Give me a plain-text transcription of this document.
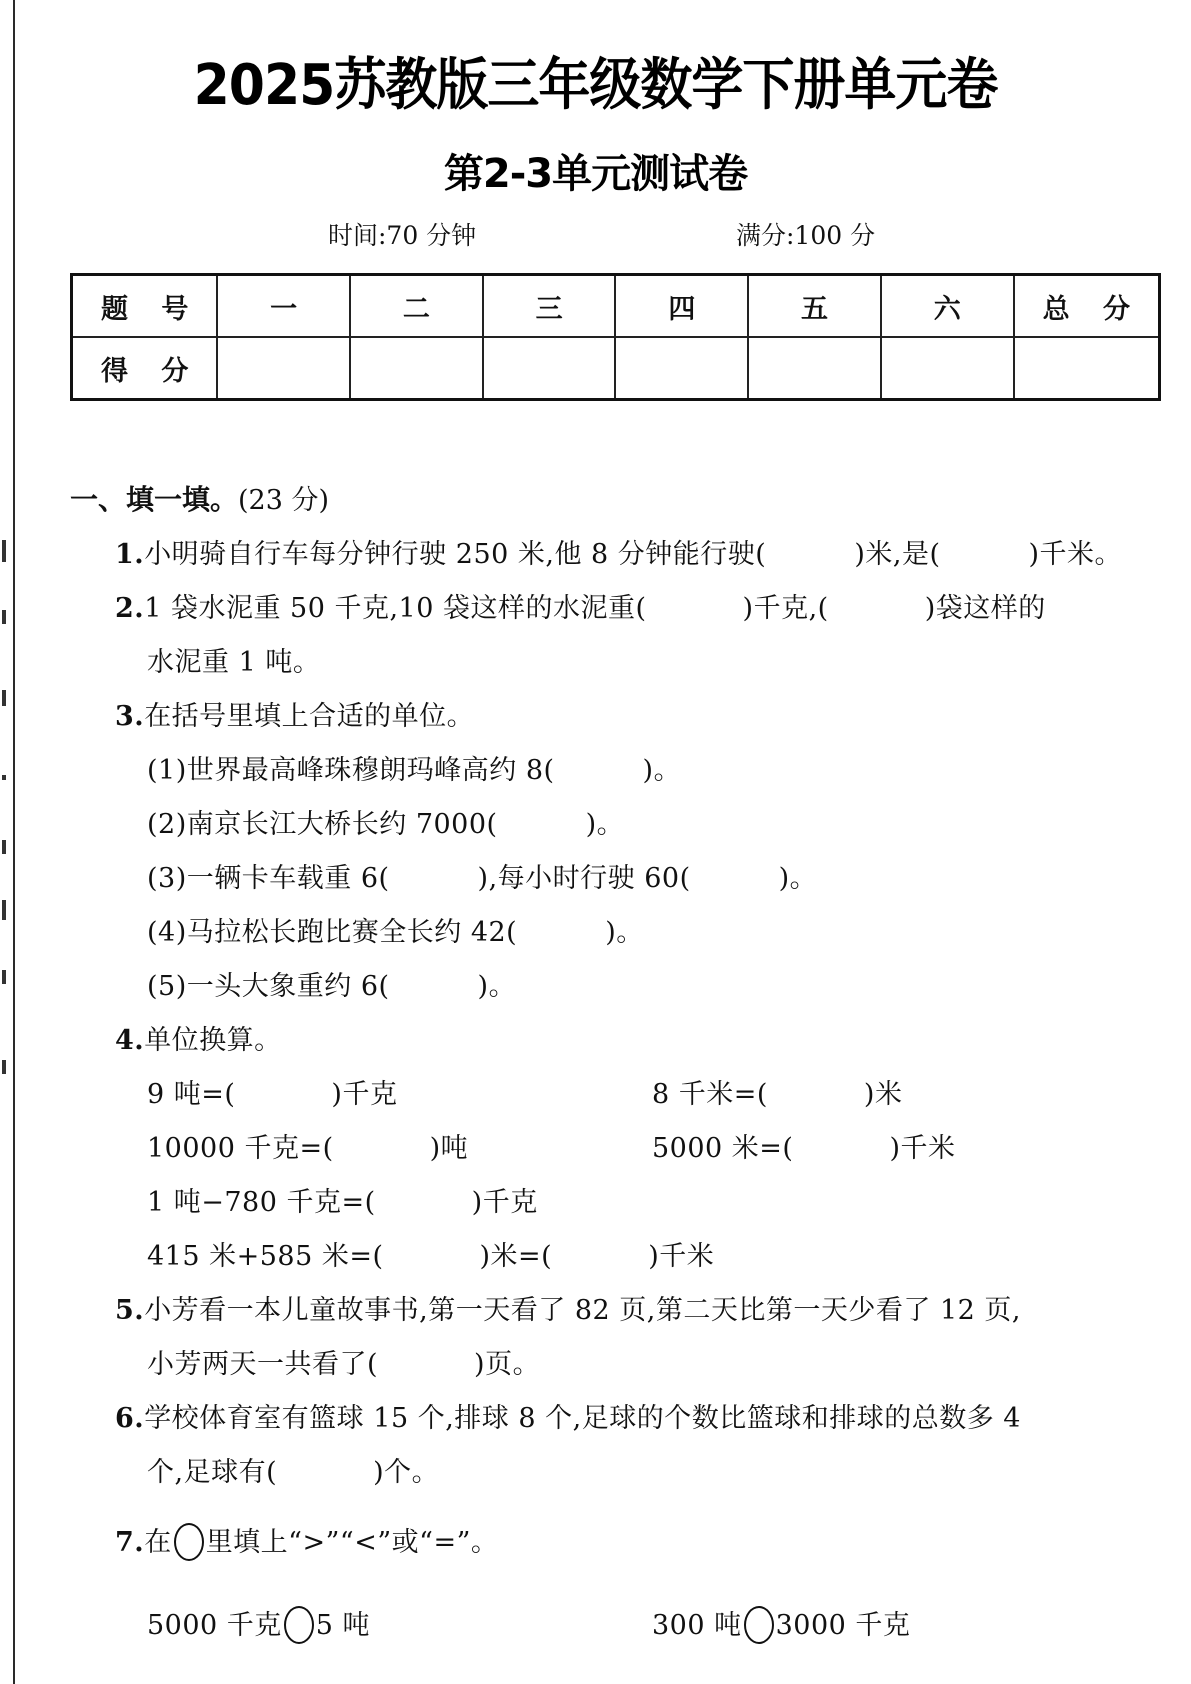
2025苏教版三年级数学下册单元卷
第2-3单元测试卷
时间:70 分钟	满分:100 分
题 号	一	二	三	四	五	六	总 分
得 分							
一、填一填。(23 分)
1.小明骑自行车每分钟行驶 250 米,他 8 分钟能行驶(	)米,是(	)千米。
2.1 袋水泥重 50 千克,10 袋这样的水泥重(	)千克,(	)袋这样的
水泥重 1 吨。
3.在括号里填上合适的单位。
(1)世界最高峰珠穆朗玛峰高约 8(	)。
(2)南京长江大桥长约 7000(	)。
(3)一辆卡车载重 6(	),每小时行驶 60(	)。
(4)马拉松长跑比赛全长约 42(	)。
(5)一头大象重约 6(	)。
4.单位换算。
9 吨=(	)千克	8 千米=(	)米
10000 千克=(	)吨	5000 米=(	)千米
1 吨−780 千克=(	)千克
415 米+585 米=(	)米=(	)千米
5.小芳看一本儿童故事书,第一天看了 82 页,第二天比第一天少看了 12 页,
小芳两天一共看了(	)页。
6.学校体育室有篮球 15 个,排球 8 个,足球的个数比篮球和排球的总数多 4
个,足球有(	)个。
7.在 里填上“>”“<”或“=”。
5000 千克 5 吨	300 吨 3000 千克
